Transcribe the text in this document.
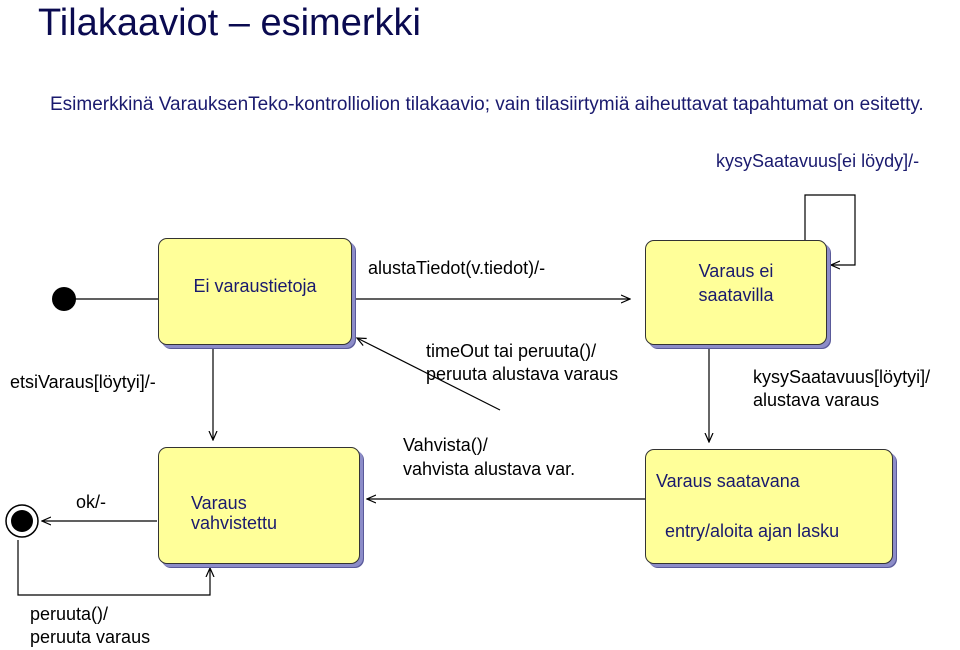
Tilakaaviot – esimerkki
Esimerkkinä VarauksenTeko-kontrolliolion tilakaavio; vain tilasiirtymiä aiheuttavat tapahtumat on esitetty.
Ei varaustietoja
Varaus ei
saatavilla
Varaus
vahvistettu
Varaus saatavana
entry/aloita ajan lasku
kysySaatavuus[ei löydy]/-
alustaTiedot(v.tiedot)/-
etsiVaraus[löytyi]/-
timeOut tai peruuta()/
peruuta alustava varaus	kysySaatavuus[löytyi]/
alustava varaus
Vahvista()/
vahvista alustava var.
ok/-
peruuta()/
peruuta varaus
